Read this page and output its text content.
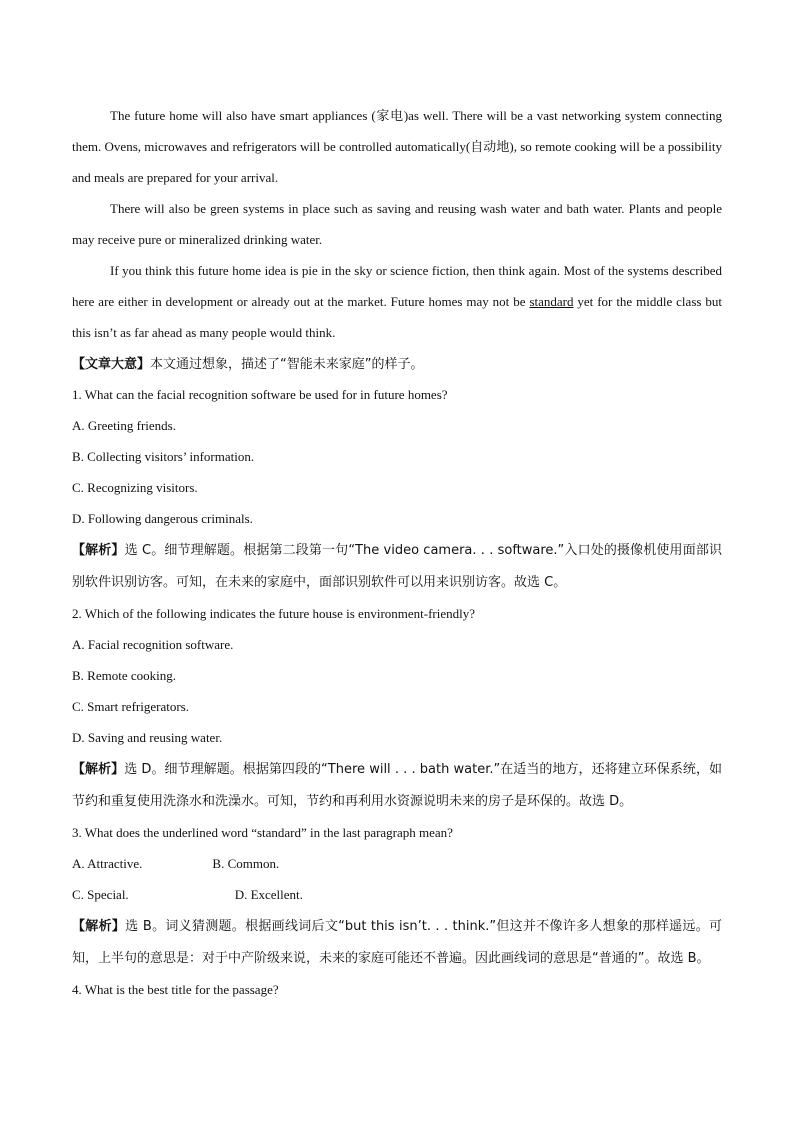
The future home will also have smart appliances (家电)as well. There will be a vast networking system connecting them. Ovens, microwaves and refrigerators will be controlled automatically(自动地), so remote cooking will be a possibility and meals are prepared for your arrival.

There will also be green systems in place such as saving and reusing wash water and bath water. Plants and people may receive pure or mineralized drinking water.

If you think this future home idea is pie in the sky or science fiction, then think again. Most of the systems described here are either in development or already out at the market. Future homes may not be standard yet for the middle class but this isn’t as far ahead as many people would think.

【文章大意】本文通过想象，描述了“智能未来家庭”的样子。

1. What can the facial recognition software be used for in future homes?

A. Greeting friends.

B. Collecting visitors’ information.

C. Recognizing visitors.

D. Following dangerous criminals.

【解析】选 C。细节理解题。根据第二段第一句“The video camera. . . software.”入口处的摄像机使用面部识别软件识别访客。可知，在未来的家庭中，面部识别软件可以用来识别访客。故选 C。

2. Which of the following indicates the future house is environment-friendly?

A. Facial recognition software.

B. Remote cooking.

C. Smart refrigerators.

D. Saving and reusing water.

【解析】选 D。细节理解题。根据第四段的“There will . . . bath water.”在适当的地方，还将建立环保系统，如节约和重复使用洗涤水和洗澡水。可知，节约和再利用水资源说明未来的房子是环保的。故选 D。

3. What does the underlined word “standard” in the last paragraph mean?

A. Attractive.	B. Common.

C. Special.	D. Excellent.

【解析】选 B。词义猜测题。根据画线词后文“but this isn’t. . . think.”但这并不像许多人想象的那样遥远。可知，上半句的意思是：对于中产阶级来说，未来的家庭可能还不普遍。因此画线词的意思是“普通的”。故选 B。

4. What is the best title for the passage?
